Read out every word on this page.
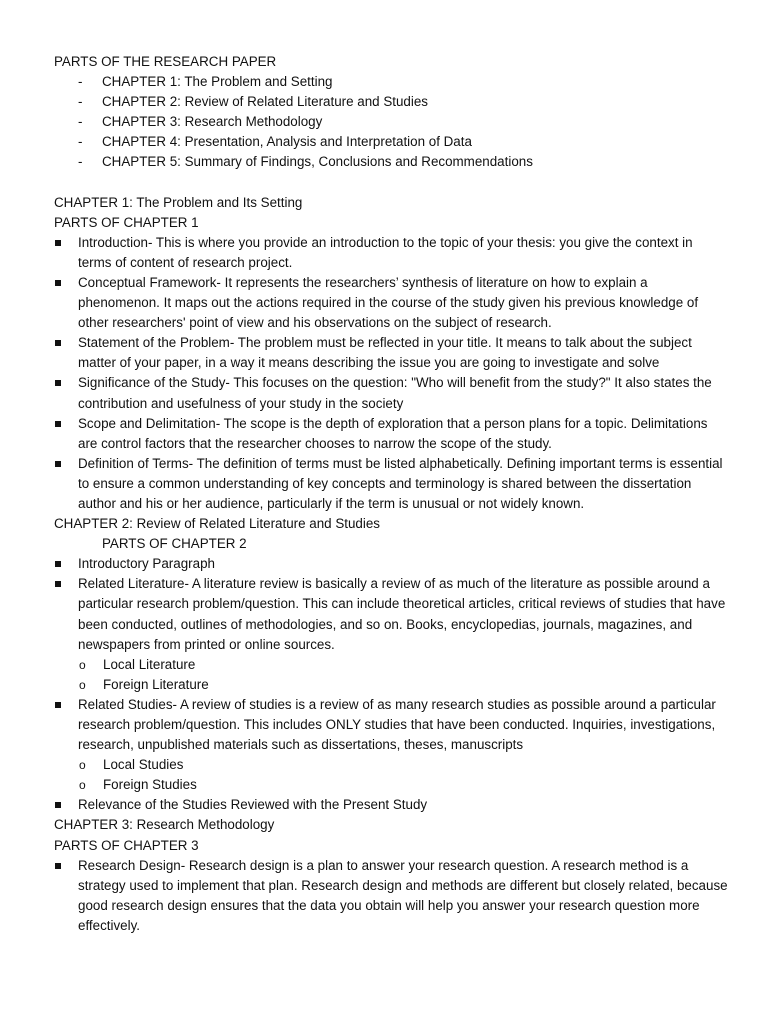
PARTS OF THE RESEARCH PAPER

- CHAPTER 1: The Problem and Setting
- CHAPTER 2: Review of Related Literature and Studies
- CHAPTER 3: Research Methodology
- CHAPTER 4: Presentation, Analysis and Interpretation of Data
- CHAPTER 5: Summary of Findings, Conclusions and Recommendations

CHAPTER 1: The Problem and Its Setting

PARTS OF CHAPTER 1

Introduction- This is where you provide an introduction to the topic of your thesis: you give the context in terms of content of research project.
Conceptual Framework- It represents the researchers’ synthesis of literature on how to explain a phenomenon. It maps out the actions required in the course of the study given his previous knowledge of other researchers' point of view and his observations on the subject of research.
Statement of the Problem- The problem must be reflected in your title. It means to talk about the subject matter of your paper, in a way it means describing the issue you are going to investigate and solve
Significance of the Study- This focuses on the question: "Who will benefit from the study?" It also states the contribution and usefulness of your study in the society
Scope and Delimitation- The scope is the depth of exploration that a person plans for a topic. Delimitations are control factors that the researcher chooses to narrow the scope of the study.
Definition of Terms- The definition of terms must be listed alphabetically. Defining important terms is essential to ensure a common understanding of key concepts and terminology is shared between the dissertation author and his or her audience, particularly if the term is unusual or not widely known.

CHAPTER 2: Review of Related Literature and Studies

PARTS OF CHAPTER 2

Introductory Paragraph
Related Literature- A literature review is basically a review of as much of the literature as possible around a particular research problem/question. This can include theoretical articles, critical reviews of studies that have been conducted, outlines of methodologies, and so on. Books, encyclopedias, journals, magazines, and newspapers from printed or online sources.
o Local Literature
o Foreign Literature
Related Studies- A review of studies is a review of as many research studies as possible around a particular research problem/question. This includes ONLY studies that have been conducted. Inquiries, investigations, research, unpublished materials such as dissertations, theses, manuscripts
o Local Studies
o Foreign Studies
Relevance of the Studies Reviewed with the Present Study

CHAPTER 3: Research Methodology

PARTS OF CHAPTER 3

Research Design- Research design is a plan to answer your research question. A research method is a strategy used to implement that plan. Research design and methods are different but closely related, because good research design ensures that the data you obtain will help you answer your research question more effectively.
